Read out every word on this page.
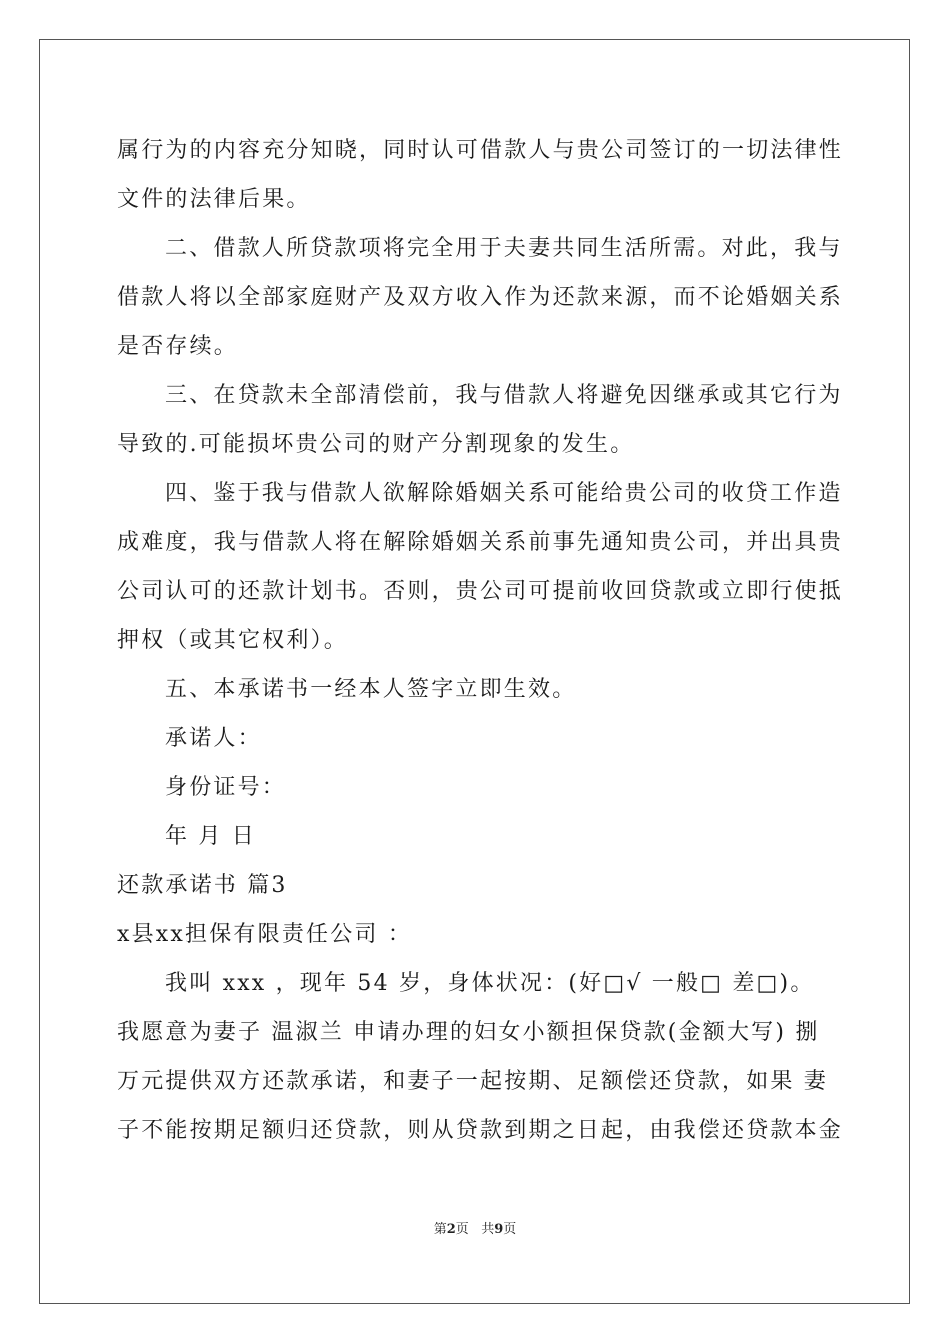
属行为的内容充分知晓，同时认可借款人与贵公司签订的一切法律性
文件的法律后果。
二、借款人所贷款项将完全用于夫妻共同生活所需。对此，我与
借款人将以全部家庭财产及双方收入作为还款来源，而不论婚姻关系
是否存续。
三、在贷款未全部清偿前，我与借款人将避免因继承或其它行为
导致的.可能损坏贵公司的财产分割现象的发生。
四、鉴于我与借款人欲解除婚姻关系可能给贵公司的收贷工作造
成难度，我与借款人将在解除婚姻关系前事先通知贵公司，并出具贵
公司认可的还款计划书。否则，贵公司可提前收回贷款或立即行使抵
押权（或其它权利）。
五、本承诺书一经本人签字立即生效。
承诺人：
身份证号：
年 月 日
还款承诺书 篇3
x县xx担保有限责任公司 ：
我叫 xxx ，现年 54 岁，身体状况：(好□√ 一般□ 差□)。
我愿意为妻子 温淑兰 申请办理的妇女小额担保贷款(金额大写) 捌
万元提供双方还款承诺，和妻子一起按期、足额偿还贷款，如果 妻
子不能按期足额归还贷款，则从贷款到期之日起，由我偿还贷款本金
第2页 共9页
